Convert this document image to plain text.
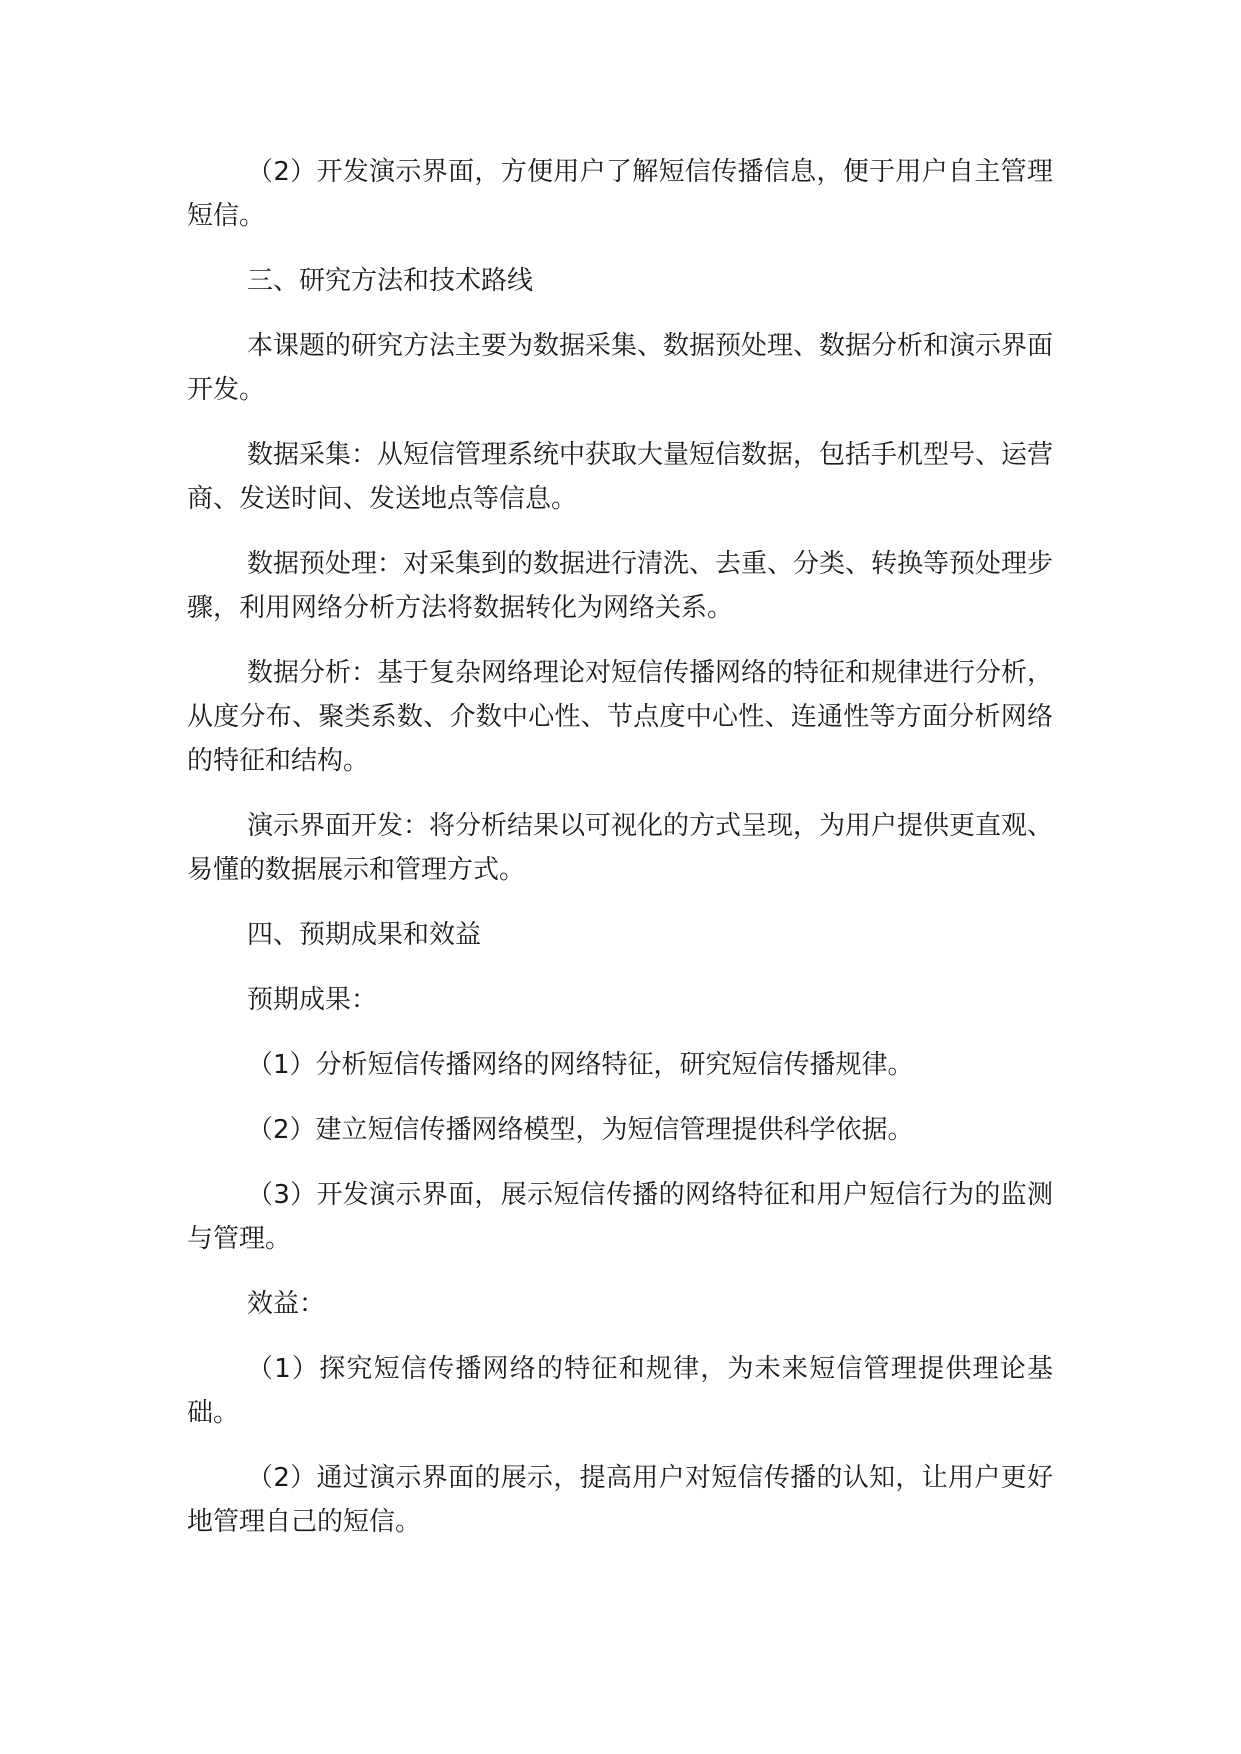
（2）开发演示界面，方便用户了解短信传播信息，便于用户自主管理短信。

三、研究方法和技术路线

本课题的研究方法主要为数据采集、数据预处理、数据分析和演示界面开发。

数据采集：从短信管理系统中获取大量短信数据，包括手机型号、运营商、发送时间、发送地点等信息。

数据预处理：对采集到的数据进行清洗、去重、分类、转换等预处理步骤，利用网络分析方法将数据转化为网络关系。

数据分析：基于复杂网络理论对短信传播网络的特征和规律进行分析，从度分布、聚类系数、介数中心性、节点度中心性、连通性等方面分析网络的特征和结构。

演示界面开发：将分析结果以可视化的方式呈现，为用户提供更直观、易懂的数据展示和管理方式。

四、预期成果和效益

预期成果：

（1）分析短信传播网络的网络特征，研究短信传播规律。

（2）建立短信传播网络模型，为短信管理提供科学依据。

（3）开发演示界面，展示短信传播的网络特征和用户短信行为的监测与管理。

效益：

（1）探究短信传播网络的特征和规律，为未来短信管理提供理论基础。

（2）通过演示界面的展示，提高用户对短信传播的认知，让用户更好地管理自己的短信。
